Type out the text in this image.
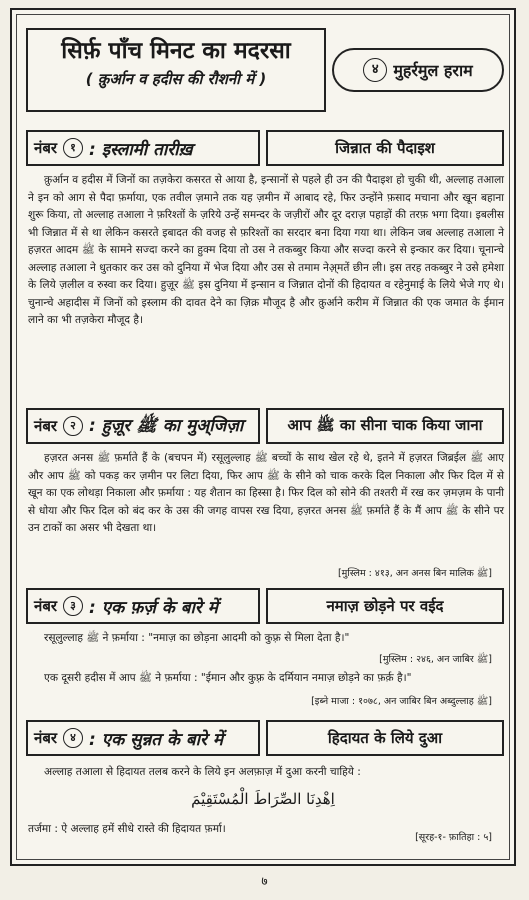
सिर्फ़ पाँच मिनट का मदरसा
( क़ुर्आन व हदीस की रौशनी में )
४ मुहर्रमुल हराम
नंबर	१ : इस्लामी तारीख़	जिन्नात की पैदाइश
क़ुर्आन व हदीस में जिनों का तज़केरा कसरत से आया है, इन्सानों से पहले ही उन की पैदाइश हो चुकी थी, अल्लाह तआला ने इन को आग से पैदा फ़र्माया, एक तवील ज़माने तक यह ज़मीन में आबाद रहे, फिर उन्होंने फ़साद मचाना और खून बहाना शुरू किया, तो अल्लाह तआला ने फ़रिश्तों के ज़रिये उन्हें समन्दर के जज़ीरों और दूर दराज़ पहाड़ों की तरफ़ भगा दिया। इबलीस भी जिन्नात में से था लेकिन कसरते इबादत की वजह से फ़रिश्तों का सरदार बना दिया गया था। लेकिन जब अल्लाह तआला ने हज़रत आदम ﷺ के सामने सज्दा करने का हुक्म दिया तो उस ने तकब्बुर किया और सज्दा करने से इन्कार कर दिया। चूनान्चे अल्लाह तआला ने धुतकार कर उस को दुनिया में भेज दिया और उस से तमाम नेअ़्मतें छीन ली। इस तरह तकब्बुर ने उसे हमेशा के लिये ज़लील व रुस्वा कर दिया। हुज़ूर ﷺ इस दुनिया में इन्सान व जिन्नात दोनों की हिदायत व रहेनुमाई के लिये भेजे गए थे। चुनान्चे अहादीस में जिनों को इस्लाम की दावत देने का ज़िक्र मौजूद है और क़ुर्आने करीम में जिन्नात की एक जमात के ईमान लाने का भी तज़केरा मौजूद है।
नंबर	२ : हुज़ूर ﷺ का मुअ्जिज़ा	आप ﷺ का सीना चाक किया जाना
हज़रत अनस ﷺ फ़र्माते हैं के (बचपन में) रसूलुल्लाह ﷺ बच्चों के साथ खेल रहे थे, इतने में हज़रत जिब्रईल ﷺ आए और आप ﷺ को पकड़ कर ज़मीन पर लिटा दिया, फिर आप ﷺ के सीने को चाक करके दिल निकाला और फिर दिल में से खून का एक लोथड़ा निकाला और फ़र्माया : यह शैतान का हिस्सा है। फिर दिल को सोने की तश्तरी में रख कर ज़मज़म के पानी से धोया और फिर दिल को बंद कर के उस की जगह वापस रख दिया, हज़रत अनस ﷺ फ़र्माते हैं के मैं आप ﷺ के सीने पर उन टाकों का असर भी देखता था।
[मुस्लिम : ४१३, अन अनस बिन मालिक ﷺ]
नंबर	३ : एक फ़र्ज़ के बारे में	नमाज़ छोड़ने पर वईद
रसूलुल्लाह ﷺ ने फ़र्माया : "नमाज़ का छोड़ना आदमी को कुफ़्र से मिला देता है।"
[मुस्लिम : २४६, अन जाबिर ﷺ]
एक दूसरी हदीस में आप ﷺ ने फ़र्माया : "ईमान और कुफ़्र के दर्मियान नमाज़ छोड़ने का फ़र्क़ है।"
[इब्ने माजा : १०७८, अन जाबिर बिन अब्दुल्लाह ﷺ]
नंबर	४ : एक सुन्नत के बारे में	हिदायत के लिये दुआ
अल्लाह तआला से हिदायत तलब करने के लिये इन अलफ़ाज़ में दुआ करनी चाहिये :
اِهْدِنَا الصِّرَاطَ الْمُسْتَقِيْمَ
तर्जमा : ऐ अल्लाह हमें सीधे रास्ते की हिदायत फ़र्मा।
[सूरह-१- फ़ातिहा : ५]
७
